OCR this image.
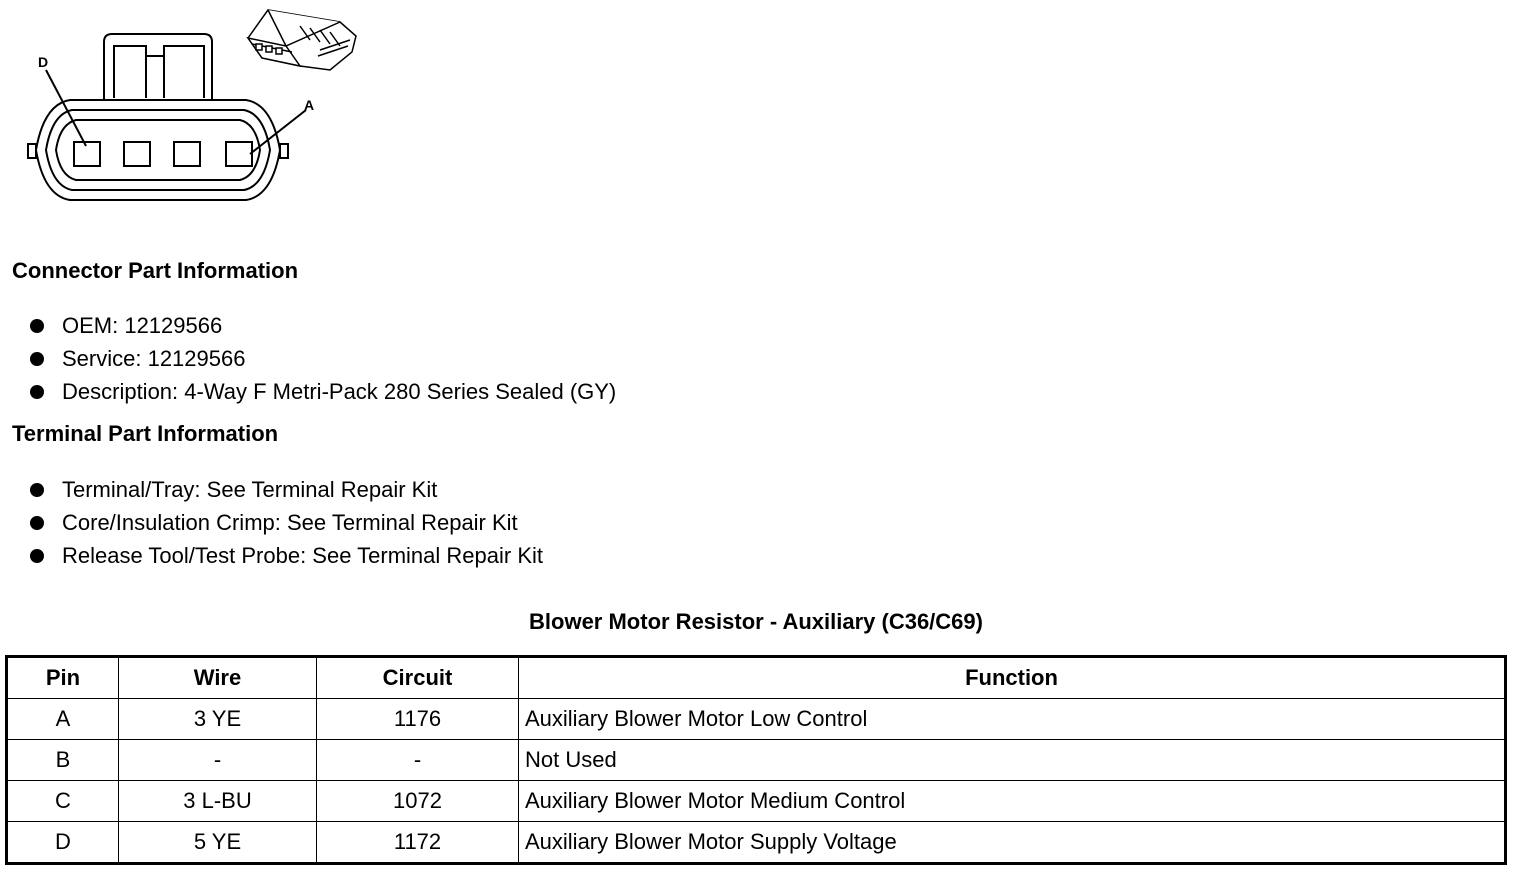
D
A
Connector Part Information
OEM: 12129566
Service: 12129566
Description: 4-Way F Metri-Pack 280 Series Sealed (GY)
Terminal Part Information
Terminal/Tray: See Terminal Repair Kit
Core/Insulation Crimp: See Terminal Repair Kit
Release Tool/Test Probe: See Terminal Repair Kit
Blower Motor Resistor - Auxiliary (C36/C69)
Pin	Wire	Circuit	Function
A	3 YE	1176	Auxiliary Blower Motor Low Control
B	-	-	Not Used
C	3 L-BU	1072	Auxiliary Blower Motor Medium Control
D	5 YE	1172	Auxiliary Blower Motor Supply Voltage
